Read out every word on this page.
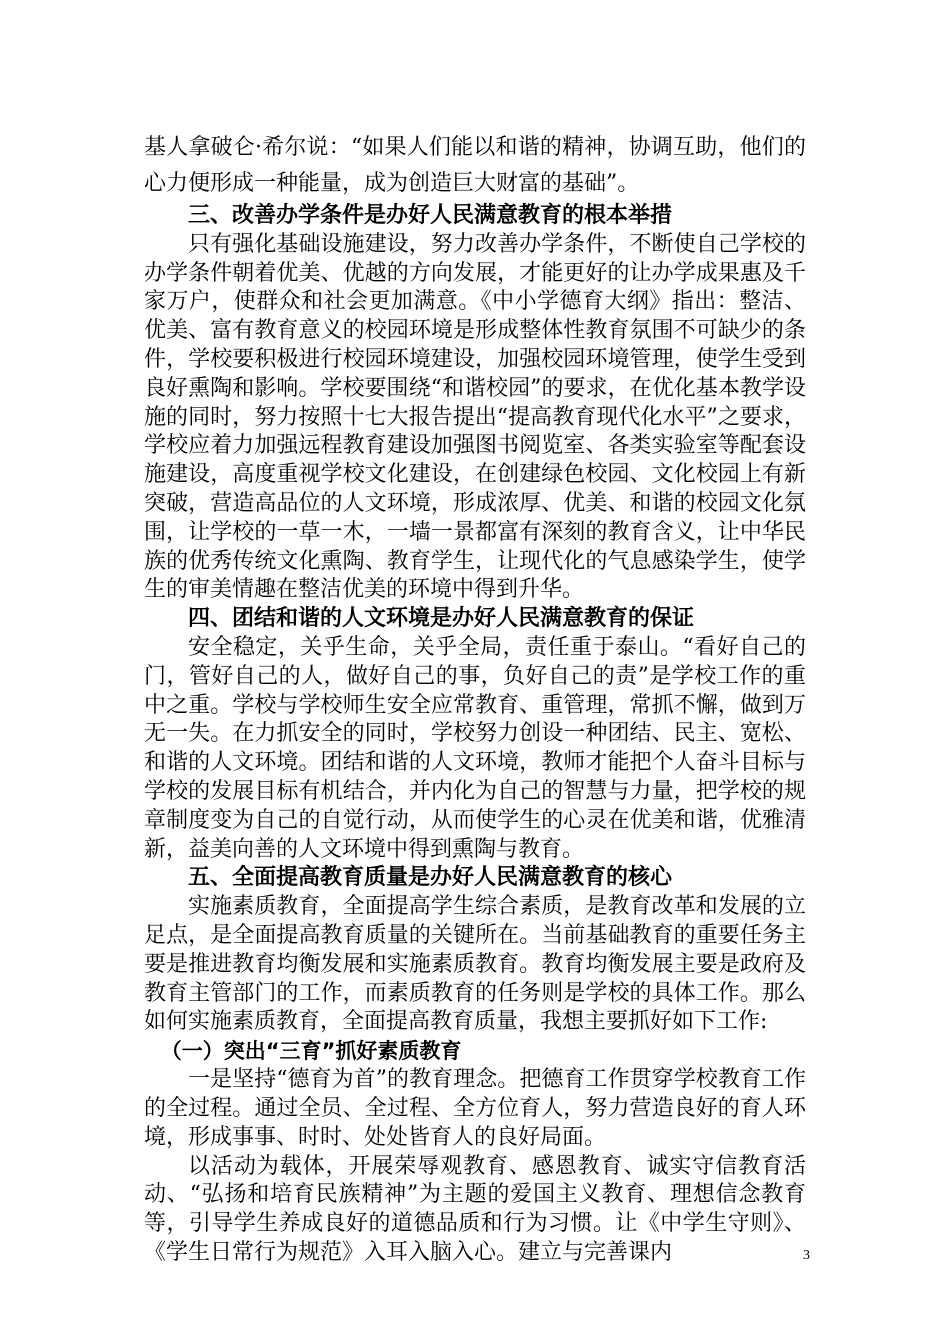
基人拿破仑·希尔说：“如果人们能以和谐的精神，协调互助，他们的心力便形成一种能量，成为创造巨大财富的基础”。

三、改善办学条件是办好人民满意教育的根本举措

只有强化基础设施建设，努力改善办学条件，不断使自己学校的办学条件朝着优美、优越的方向发展，才能更好的让办学成果惠及千家万户，使群众和社会更加满意。《中小学德育大纲》指出：整洁、优美、富有教育意义的校园环境是形成整体性教育氛围不可缺少的条件，学校要积极进行校园环境建设，加强校园环境管理，使学生受到良好熏陶和影响。学校要围绕“和谐校园”的要求，在优化基本教学设施的同时，努力按照十七大报告提出“提高教育现代化水平”之要求，学校应着力加强远程教育建设加强图书阅览室、各类实验室等配套设施建设，高度重视学校文化建设，在创建绿色校园、文化校园上有新突破，营造高品位的人文环境，形成浓厚、优美、和谐的校园文化氛围，让学校的一草一木，一墙一景都富有深刻的教育含义，让中华民族的优秀传统文化熏陶、教育学生，让现代化的气息感染学生，使学生的审美情趣在整洁优美的环境中得到升华。

四、团结和谐的人文环境是办好人民满意教育的保证

安全稳定，关乎生命，关乎全局，责任重于泰山。“看好自己的门，管好自己的人，做好自己的事，负好自己的责”是学校工作的重中之重。学校与学校师生安全应常教育、重管理，常抓不懈，做到万无一失。在力抓安全的同时，学校努力创设一种团结、民主、宽松、和谐的人文环境。团结和谐的人文环境，教师才能把个人奋斗目标与学校的发展目标有机结合，并内化为自己的智慧与力量，把学校的规章制度变为自己的自觉行动，从而使学生的心灵在优美和谐，优雅清新，益美向善的人文环境中得到熏陶与教育。

五、全面提高教育质量是办好人民满意教育的核心

实施素质教育，全面提高学生综合素质，是教育改革和发展的立足点，是全面提高教育质量的关键所在。当前基础教育的重要任务主要是推进教育均衡发展和实施素质教育。教育均衡发展主要是政府及教育主管部门的工作，而素质教育的任务则是学校的具体工作。那么如何实施素质教育，全面提高教育质量，我想主要抓好如下工作:

（一）突出“三育”抓好素质教育

一是坚持“德育为首”的教育理念。把德育工作贯穿学校教育工作的全过程。通过全员、全过程、全方位育人，努力营造良好的育人环境，形成事事、时时、处处皆育人的良好局面。

以活动为载体，开展荣辱观教育、感恩教育、诚实守信教育活动、“弘扬和培育民族精神”为主题的爱国主义教育、理想信念教育等，引导学生养成良好的道德品质和行为习惯。让《中学生守则》、《学生日常行为规范》入耳入脑入心。建立与完善课内	3
